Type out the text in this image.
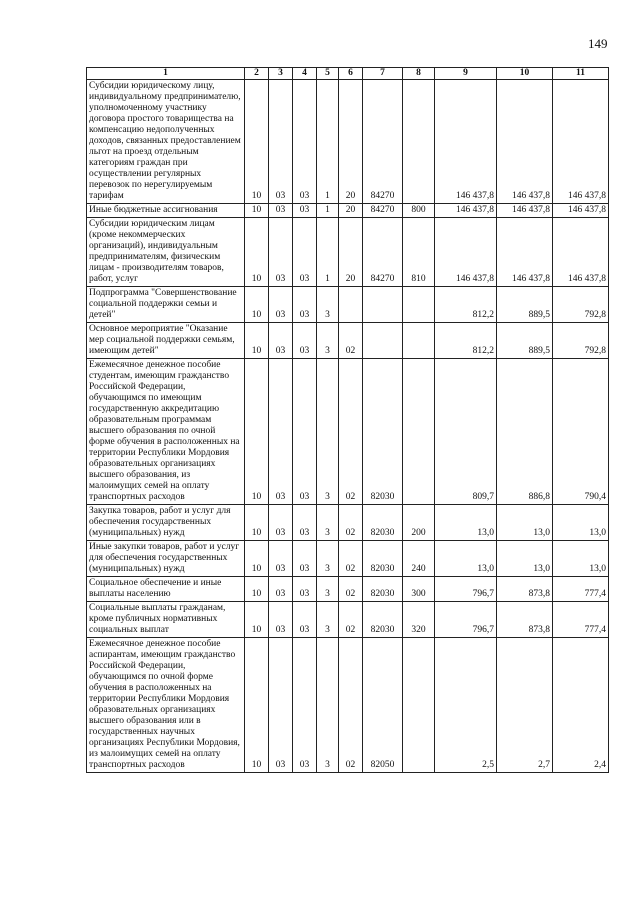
149
1	2	3	4	5	6	7	8	9	10	11
Субсидии юридическому лицу, индивидуальному предпринимателю, уполномоченному участнику договора простого товарищества на компенсацию недополученных доходов, связанных предоставлением льгот на проезд отдельным категориям граждан при осуществлении регулярных перевозок по нерегулируемым тарифам	10	03	03	1	20	84270		146 437,8	146 437,8	146 437,8
Иные бюджетные ассигнования	10	03	03	1	20	84270	800	146 437,8	146 437,8	146 437,8
Субсидии юридическим лицам (кроме некоммерческих организаций), индивидуальным предпринимателям, физическим лицам - производителям товаров, работ, услуг	10	03	03	1	20	84270	810	146 437,8	146 437,8	146 437,8
Подпрограмма "Совершенствование социальной поддержки семьи и детей"	10	03	03	3				812,2	889,5	792,8
Основное мероприятие "Оказание мер социальной поддержки семьям, имеющим детей"	10	03	03	3	02			812,2	889,5	792,8
Ежемесячное денежное пособие студентам, имеющим гражданство Российской Федерации, обучающимся по имеющим государственную аккредитацию образовательным программам высшего образования по очной форме обучения в расположенных на территории Республики Мордовия образовательных организациях высшего образования, из малоимущих семей на оплату транспортных расходов	10	03	03	3	02	82030		809,7	886,8	790,4
Закупка товаров, работ и услуг для обеспечения государственных (муниципальных) нужд	10	03	03	3	02	82030	200	13,0	13,0	13,0
Иные закупки товаров, работ и услуг для обеспечения государственных (муниципальных) нужд	10	03	03	3	02	82030	240	13,0	13,0	13,0
Социальное обеспечение и иные выплаты населению	10	03	03	3	02	82030	300	796,7	873,8	777,4
Социальные выплаты гражданам, кроме публичных нормативных социальных выплат	10	03	03	3	02	82030	320	796,7	873,8	777,4
Ежемесячное денежное пособие аспирантам, имеющим гражданство Российской Федерации, обучающимся по очной форме обучения в расположенных на территории Республики Мордовия образовательных организациях высшего образования или в государственных научных организациях Республики Мордовия, из малоимущих семей на оплату транспортных расходов	10	03	03	3	02	82050		2,5	2,7	2,4
